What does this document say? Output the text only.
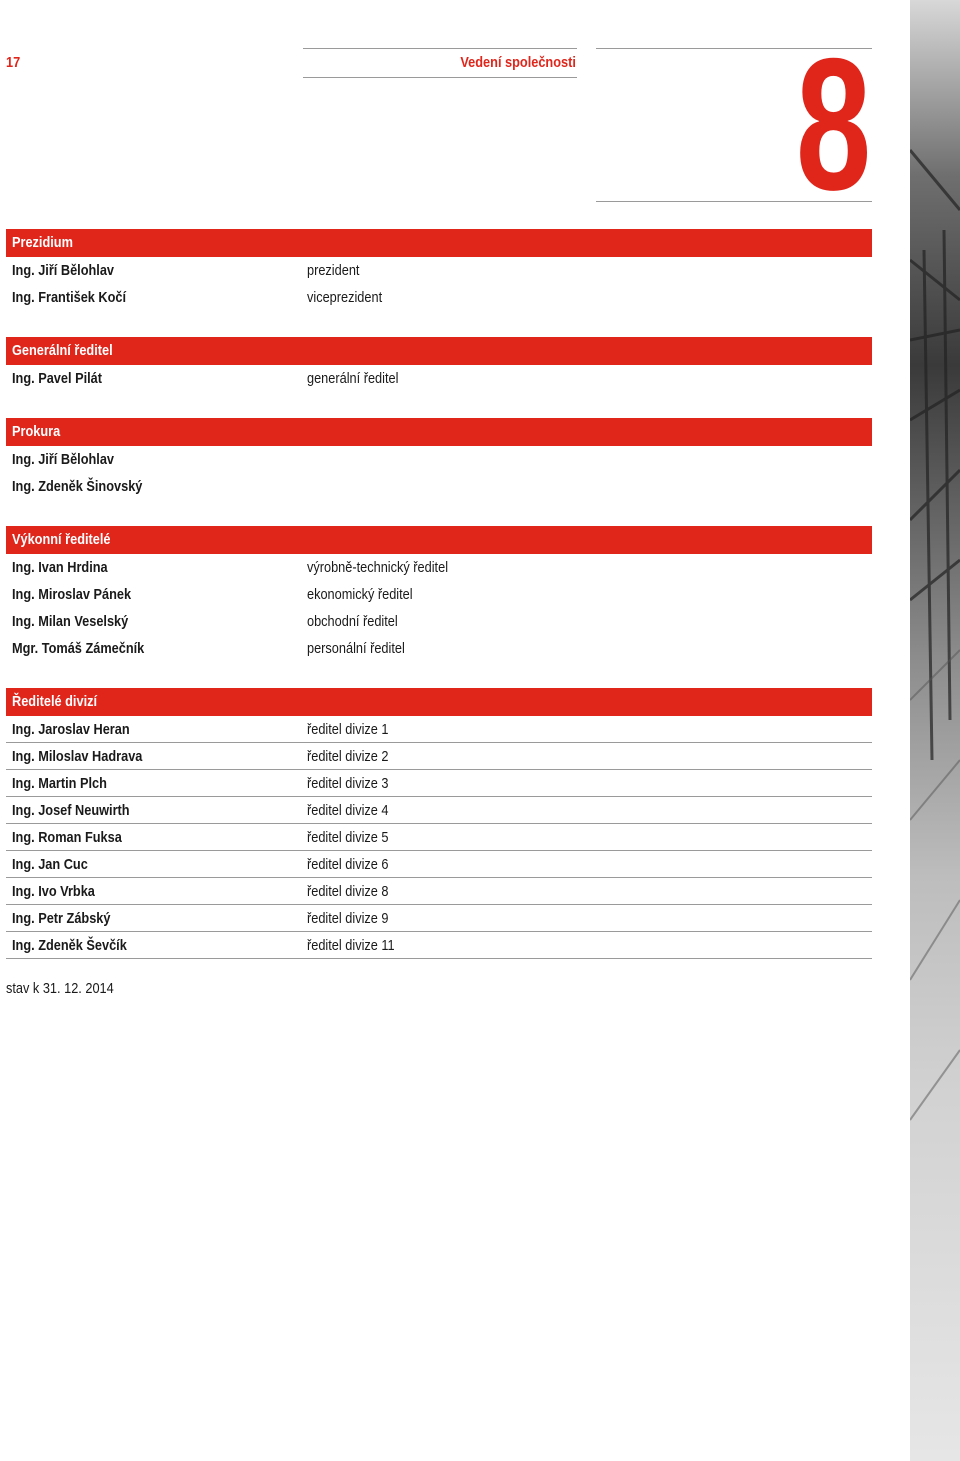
17	Vedení společnosti 8
Prezidium
Ing. Jiří Bělohlav	prezident
Ing. František Kočí	viceprezident
Generální ředitel
Ing. Pavel Pilát	generální ředitel
Prokura
Ing. Jiří Bělohlav
Ing. Zdeněk Šinovský
Výkonní ředitelé
Ing. Ivan Hrdina	výrobně-technický ředitel
Ing. Miroslav Pánek	ekonomický ředitel
Ing. Milan Veselský	obchodní ředitel
Mgr. Tomáš Zámečník	personální ředitel
Ředitelé divizí
Ing. Jaroslav Heran	ředitel divize 1
Ing. Miloslav Hadrava	ředitel divize 2
Ing. Martin Plch	ředitel divize 3
Ing. Josef Neuwirth	ředitel divize 4
Ing. Roman Fuksa	ředitel divize 5
Ing. Jan Cuc	ředitel divize 6
Ing. Ivo Vrbka	ředitel divize 8
Ing. Petr Zábský	ředitel divize 9
Ing. Zdeněk Ševčík	ředitel divize 11
stav k 31. 12. 2014
